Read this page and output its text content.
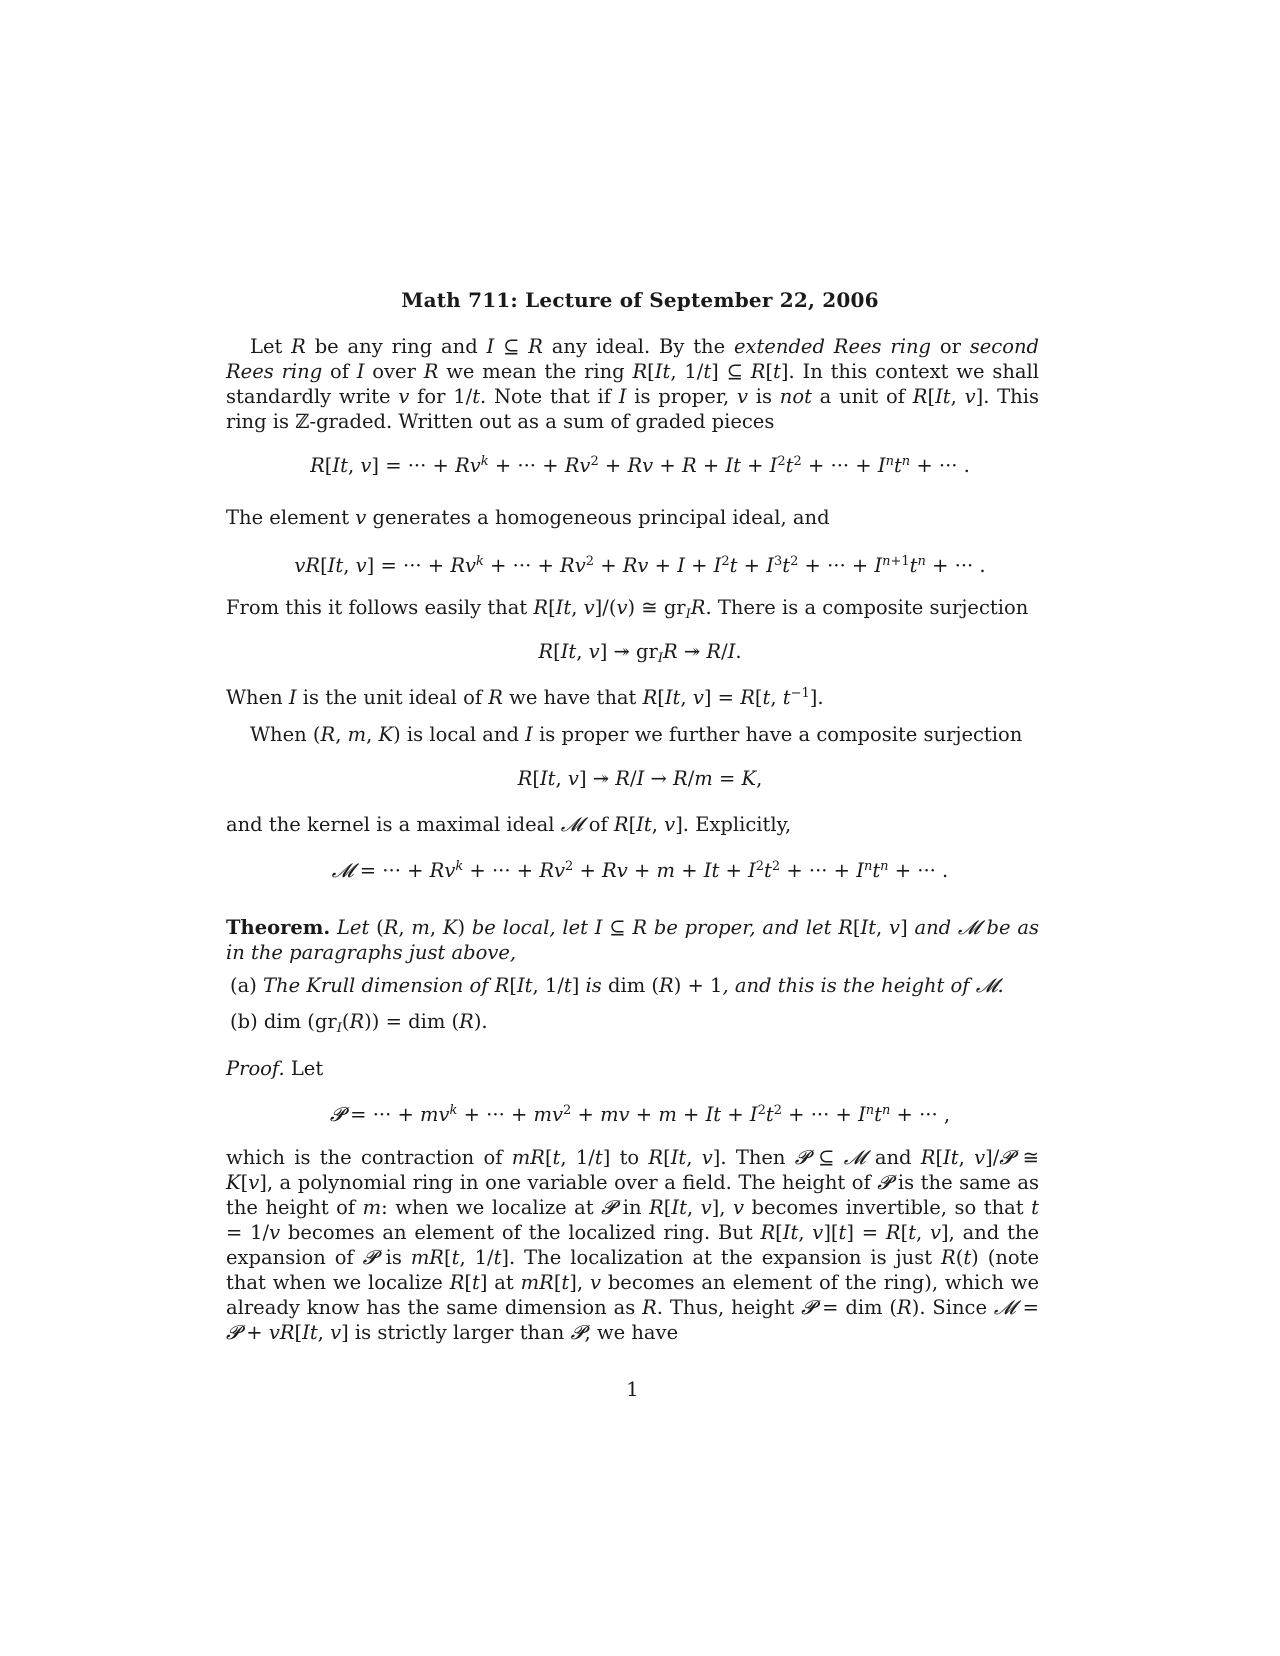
Math 711: Lecture of September 22, 2006
Let R be any ring and I ⊆ R any ideal. By the extended Rees ring or second Rees ring of I over R we mean the ring R[It, 1/t] ⊆ R[t]. In this context we shall standardly write v for 1/t. Note that if I is proper, v is not a unit of R[It, v]. This ring is ℤ-graded. Written out as a sum of graded pieces
R[It, v] = ··· + $Rv^k$ + ··· + $Rv^2 + Rv + R + It + I^2t^2$ + ··· + $I^nt^n$ + ··· .
The element v generates a homogeneous principal ideal, and
vR[It, v] = ··· + $Rv^k$ + ··· + $Rv^2 + Rv + I + I^2t + I^3t^2$ + ··· + $I^{n+1}t^n$ + ··· .
From this it follows easily that R[It, v]/(v) ≅ $gr_IR$. There is a composite surjection
R[It, v] ↠ $gr_IR$ ↠ R/I.
When I is the unit ideal of R we have that R[It, v] = R[t, $t^{-1}$].
When (R, m, K) is local and I is proper we further have a composite surjection
R[It, v] ↠ R/I → R/m = K,
and the kernel is a maximal ideal 𝓜 of R[It, v]. Explicitly,
𝓜 = ··· + $Rv^k$ + ··· + $Rv^2 + Rv + m + It + I^2t^2$ + ··· + $I^nt^n$ + ··· .
Theorem. Let (R, m, K) be local, let I ⊆ R be proper, and let R[It, v] and 𝓜 be as in the paragraphs just above,
(a) The Krull dimension of R[It, 1/t] is dim (R) + 1, and this is the height of 𝓜.
(b) dim $(gr_I(R))$ = dim (R).
Proof. Let
𝓟 = ··· + $mv^k$ + ··· + $mv^2$ + mv + $m + It + I^2t^2$ + ··· + $I^nt^n$ + ··· ,
which is the contraction of mR[t, 1/t] to R[It, v]. Then 𝓟 ⊆ 𝓜 and R[It, v]/𝓟 ≅ K[v], a polynomial ring in one variable over a field. The height of 𝓟 is the same as the height of m: when we localize at 𝓟 in R[It, v], v becomes invertible, so that t = 1/v becomes an element of the localized ring. But R[It, v][t] = R[t, v], and the expansion of 𝓟 is mR[t, 1/t]. The localization at the expansion is just R(t) (note that when we localize R[t] at mR[t], v becomes an element of the ring), which we already know has the same dimension as R. Thus, height 𝓟 = dim (R). Since 𝓜 = 𝓟 + vR[It, v] is strictly larger than 𝓟, we have
1
